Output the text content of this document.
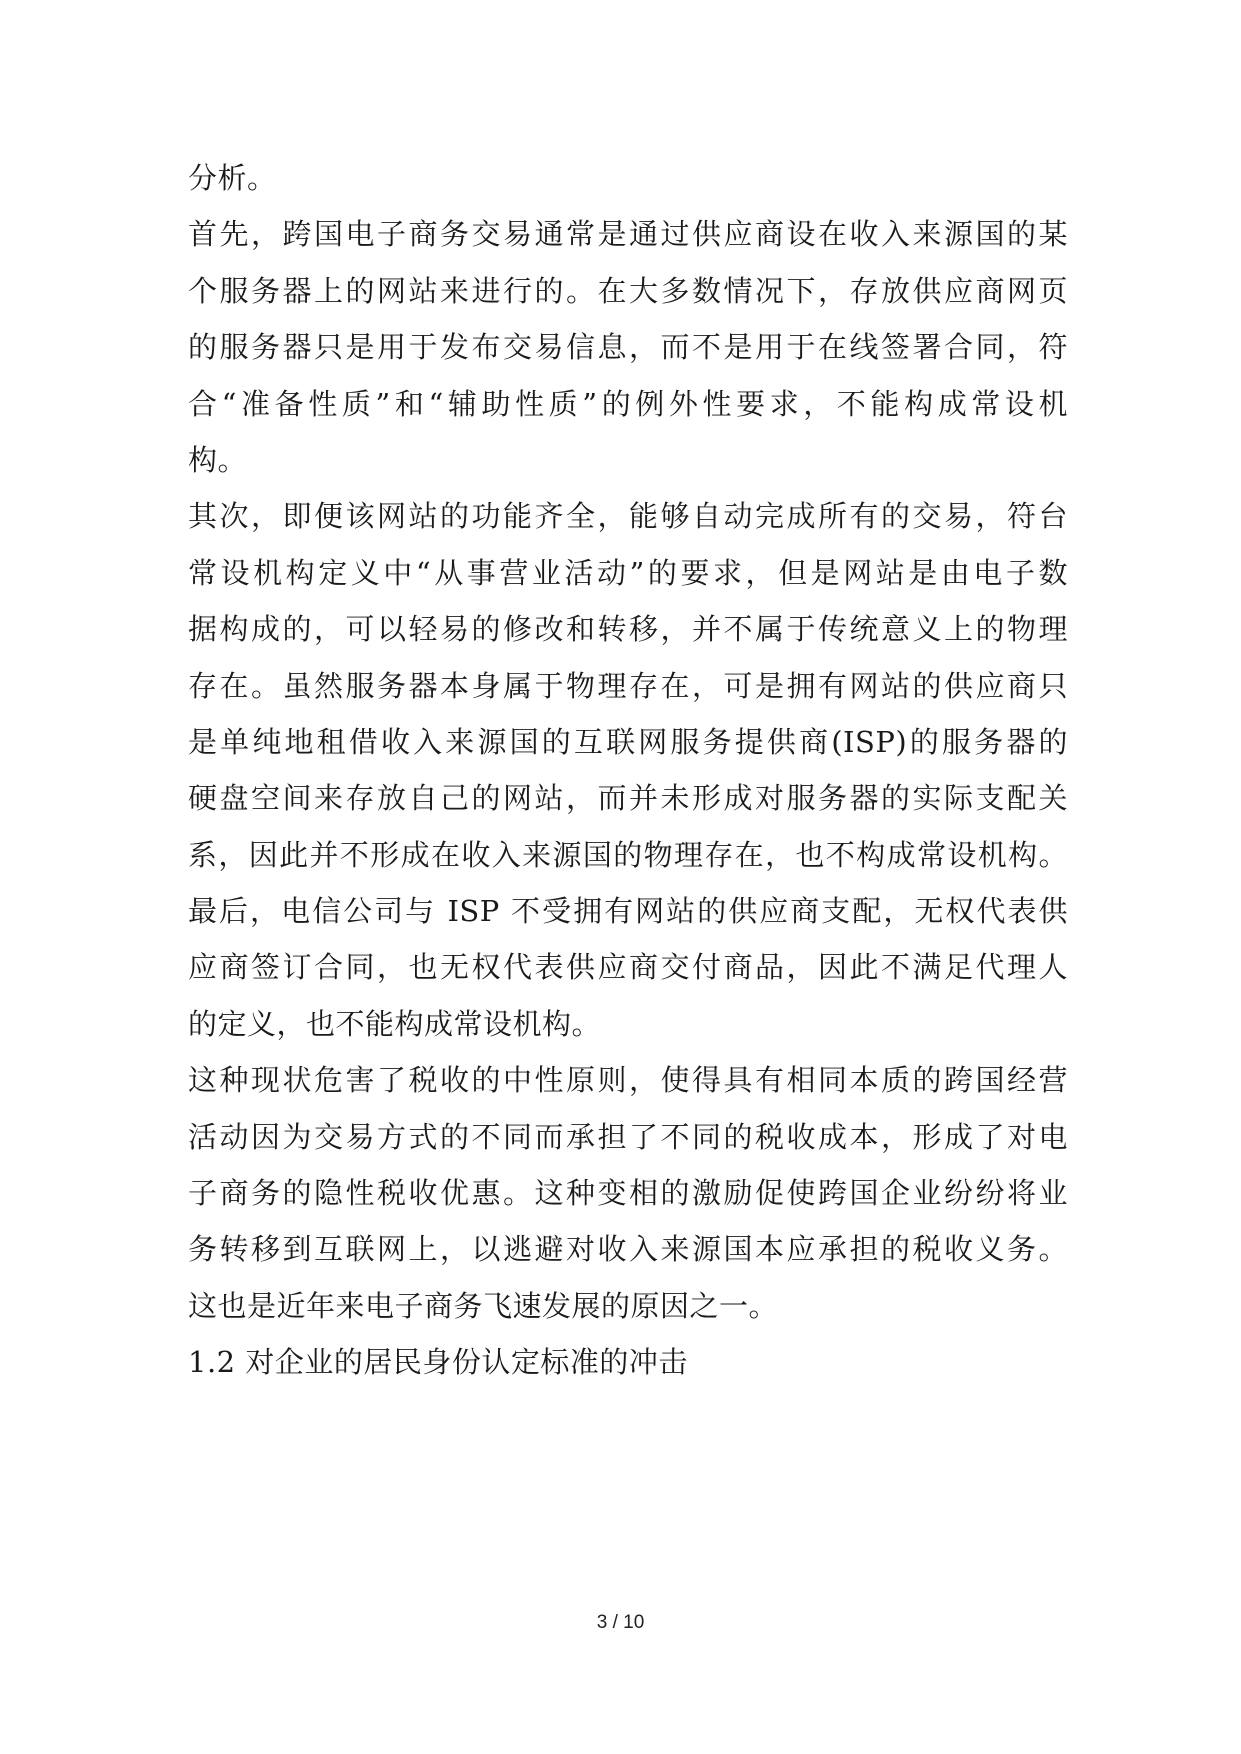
分析。
首先，跨国电子商务交易通常是通过供应商设在收入来源国的某
个服务器上的网站来进行的。在大多数情况下，存放供应商网页
的服务器只是用于发布交易信息，而不是用于在线签署合同，符
合“准备性质”和“辅助性质”的例外性要求，不能构成常设机
构。
其次，即便该网站的功能齐全，能够自动完成所有的交易，符台
常设机构定义中“从事营业活动”的要求，但是网站是由电子数
据构成的，可以轻易的修改和转移，并不属于传统意义上的物理
存在。虽然服务器本身属于物理存在，可是拥有网站的供应商只
是单纯地租借收入来源国的互联网服务提供商(ISP)的服务器的
硬盘空间来存放自己的网站，而并未形成对服务器的实际支配关
系，因此并不形成在收入来源国的物理存在，也不构成常设机构。
最后，电信公司与 ISP 不受拥有网站的供应商支配，无权代表供
应商签订合同，也无权代表供应商交付商品，因此不满足代理人
的定义，也不能构成常设机构。
这种现状危害了税收的中性原则，使得具有相同本质的跨国经营
活动因为交易方式的不同而承担了不同的税收成本，形成了对电
子商务的隐性税收优惠。这种变相的激励促使跨国企业纷纷将业
务转移到互联网上，以逃避对收入来源国本应承担的税收义务。
这也是近年来电子商务飞速发展的原因之一。
1.2 对企业的居民身份认定标准的冲击
3 / 10
